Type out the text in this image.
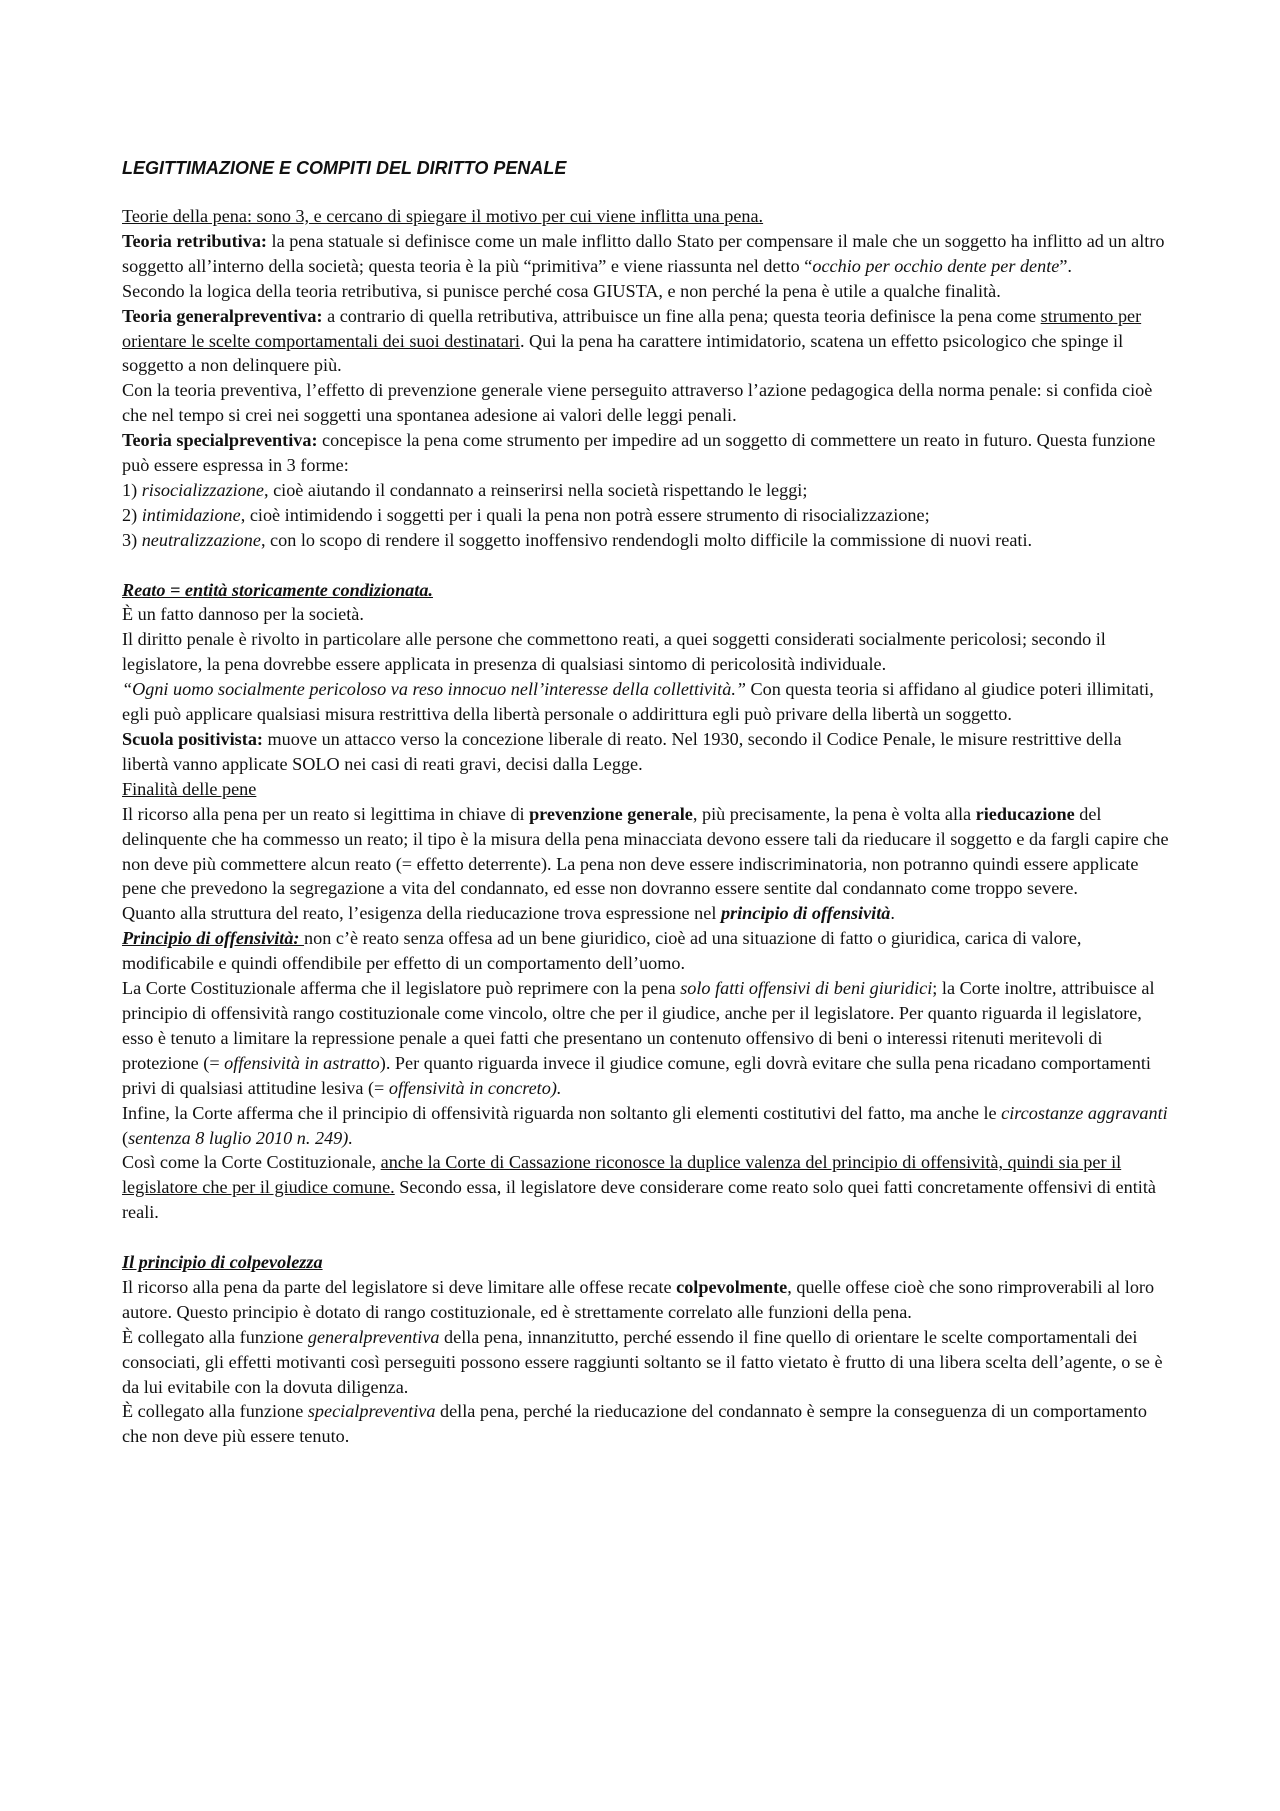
LEGITTIMAZIONE E COMPITI DEL DIRITTO PENALE

Teorie della pena: sono 3, e cercano di spiegare il motivo per cui viene inflitta una pena.

Teoria retributiva: la pena statuale si definisce come un male inflitto dallo Stato per compensare il male che un soggetto ha inflitto ad un altro soggetto all’interno della società; questa teoria è la più “primitiva” e viene riassunta nel detto “occhio per occhio dente per dente”.

Secondo la logica della teoria retributiva, si punisce perché cosa GIUSTA, e non perché la pena è utile a qualche finalità.

Teoria generalpreventiva: a contrario di quella retributiva, attribuisce un fine alla pena; questa teoria definisce la pena come strumento per orientare le scelte comportamentali dei suoi destinatari. Qui la pena ha carattere intimidatorio, scatena un effetto psicologico che spinge il soggetto a non delinquere più.

Con la teoria preventiva, l’effetto di prevenzione generale viene perseguito attraverso l’azione pedagogica della norma penale: si confida cioè che nel tempo si crei nei soggetti una spontanea adesione ai valori delle leggi penali.

Teoria specialpreventiva: concepisce la pena come strumento per impedire ad un soggetto di commettere un reato in futuro. Questa funzione può essere espressa in 3 forme:

1) risocializzazione, cioè aiutando il condannato a reinserirsi nella società rispettando le leggi;

2) intimidazione, cioè intimidendo i soggetti per i quali la pena non potrà essere strumento di risocializzazione;

3) neutralizzazione, con lo scopo di rendere il soggetto inoffensivo rendendogli molto difficile la commissione di nuovi reati.

Reato = entità storicamente condizionata.

È un fatto dannoso per la società.

Il diritto penale è rivolto in particolare alle persone che commettono reati, a quei soggetti considerati socialmente pericolosi; secondo il legislatore, la pena dovrebbe essere applicata in presenza di qualsiasi sintomo di pericolosità individuale.

“Ogni uomo socialmente pericoloso va reso innocuo nell’interesse della collettività.” Con questa teoria si affidano al giudice poteri illimitati, egli può applicare qualsiasi misura restrittiva della libertà personale o addirittura egli può privare della libertà un soggetto.

Scuola positivista: muove un attacco verso la concezione liberale di reato. Nel 1930, secondo il Codice Penale, le misure restrittive della libertà vanno applicate SOLO nei casi di reati gravi, decisi dalla Legge.

Finalità delle pene

Il ricorso alla pena per un reato si legittima in chiave di prevenzione generale, più precisamente, la pena è volta alla rieducazione del delinquente che ha commesso un reato; il tipo è la misura della pena minacciata devono essere tali da rieducare il soggetto e da fargli capire che non deve più commettere alcun reato (= effetto deterrente). La pena non deve essere indiscriminatoria, non potranno quindi essere applicate pene che prevedono la segregazione a vita del condannato, ed esse non dovranno essere sentite dal condannato come troppo severe.

Quanto alla struttura del reato, l’esigenza della rieducazione trova espressione nel principio di offensività.

Principio di offensività: non c’è reato senza offesa ad un bene giuridico, cioè ad una situazione di fatto o giuridica, carica di valore, modificabile e quindi offendibile per effetto di un comportamento dell’uomo.

La Corte Costituzionale afferma che il legislatore può reprimere con la pena solo fatti offensivi di beni giuridici; la Corte inoltre, attribuisce al principio di offensività rango costituzionale come vincolo, oltre che per il giudice, anche per il legislatore. Per quanto riguarda il legislatore, esso è tenuto a limitare la repressione penale a quei fatti che presentano un contenuto offensivo di beni o interessi ritenuti meritevoli di protezione (= offensività in astratto). Per quanto riguarda invece il giudice comune, egli dovrà evitare che sulla pena ricadano comportamenti privi di qualsiasi attitudine lesiva (= offensività in concreto).

Infine, la Corte afferma che il principio di offensività riguarda non soltanto gli elementi costitutivi del fatto, ma anche le circostanze aggravanti (sentenza 8 luglio 2010 n. 249).

Così come la Corte Costituzionale, anche la Corte di Cassazione riconosce la duplice valenza del principio di offensività, quindi sia per il legislatore che per il giudice comune. Secondo essa, il legislatore deve considerare come reato solo quei fatti concretamente offensivi di entità reali.

Il principio di colpevolezza

Il ricorso alla pena da parte del legislatore si deve limitare alle offese recate colpevolmente, quelle offese cioè che sono rimproverabili al loro autore. Questo principio è dotato di rango costituzionale, ed è strettamente correlato alle funzioni della pena.

È collegato alla funzione generalpreventiva della pena, innanzitutto, perché essendo il fine quello di orientare le scelte comportamentali dei consociati, gli effetti motivanti così perseguiti possono essere raggiunti soltanto se il fatto vietato è frutto di una libera scelta dell’agente, o se è da lui evitabile con la dovuta diligenza.

È collegato alla funzione specialpreventiva della pena, perché la rieducazione del condannato è sempre la conseguenza di un comportamento che non deve più essere tenuto.
